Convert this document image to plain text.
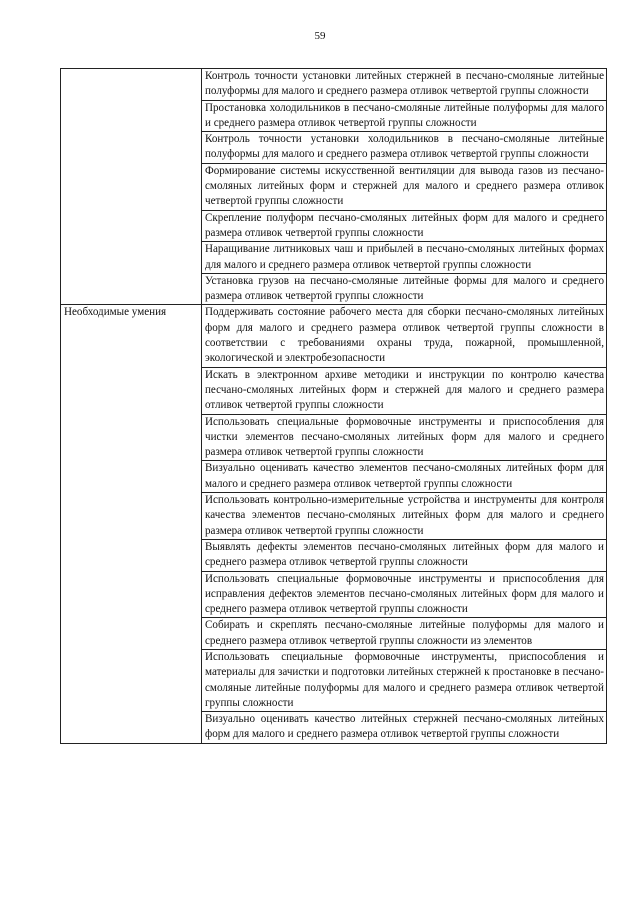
59
	Контроль точности установки литейных стержней в песчано-смоляные литейные полуформы для малого и среднего размера отливок четвертой группы сложности
	Простановка холодильников в песчано-смоляные литейные полуформы для малого и среднего размера отливок четвертой группы сложности
	Контроль точности установки холодильников в песчано-смоляные литейные полуформы для малого и среднего размера отливок четвертой группы сложности
	Формирование системы искусственной вентиляции для вывода газов из песчано-смоляных литейных форм и стержней для малого и среднего размера отливок четвертой группы сложности
	Скрепление полуформ песчано-смоляных литейных форм для малого и среднего размера отливок четвертой группы сложности
	Наращивание литниковых чаш и прибылей в песчано-смоляных литейных формах для малого и среднего размера отливок четвертой группы сложности
	Установка грузов на песчано-смоляные литейные формы для малого и среднего размера отливок четвертой группы сложности
Необходимые умения	Поддерживать состояние рабочего места для сборки песчано-смоляных литейных форм для малого и среднего размера отливок четвертой группы сложности в соответствии с требованиями охраны труда, пожарной, промышленной, экологической и электробезопасности
	Искать в электронном архиве методики и инструкции по контролю качества песчано-смоляных литейных форм и стержней для малого и среднего размера отливок четвертой группы сложности
	Использовать специальные формовочные инструменты и приспособления для чистки элементов песчано-смоляных литейных форм для малого и среднего размера отливок четвертой группы сложности
	Визуально оценивать качество элементов песчано-смоляных литейных форм для малого и среднего размера отливок четвертой группы сложности
	Использовать контрольно-измерительные устройства и инструменты для контроля качества элементов песчано-смоляных литейных форм для малого и среднего размера отливок четвертой группы сложности
	Выявлять дефекты элементов песчано-смоляных литейных форм для малого и среднего размера отливок четвертой группы сложности
	Использовать специальные формовочные инструменты и приспособления для исправления дефектов элементов песчано-смоляных литейных форм для малого и среднего размера отливок четвертой группы сложности
	Собирать и скреплять песчано-смоляные литейные полуформы для малого и среднего размера отливок четвертой группы сложности из элементов
	Использовать специальные формовочные инструменты, приспособления и материалы для зачистки и подготовки литейных стержней к простановке в песчано-смоляные литейные полуформы для малого и среднего размера отливок четвертой группы сложности
	Визуально оценивать качество литейных стержней песчано-смоляных литейных форм для малого и среднего размера отливок четвертой группы сложности
